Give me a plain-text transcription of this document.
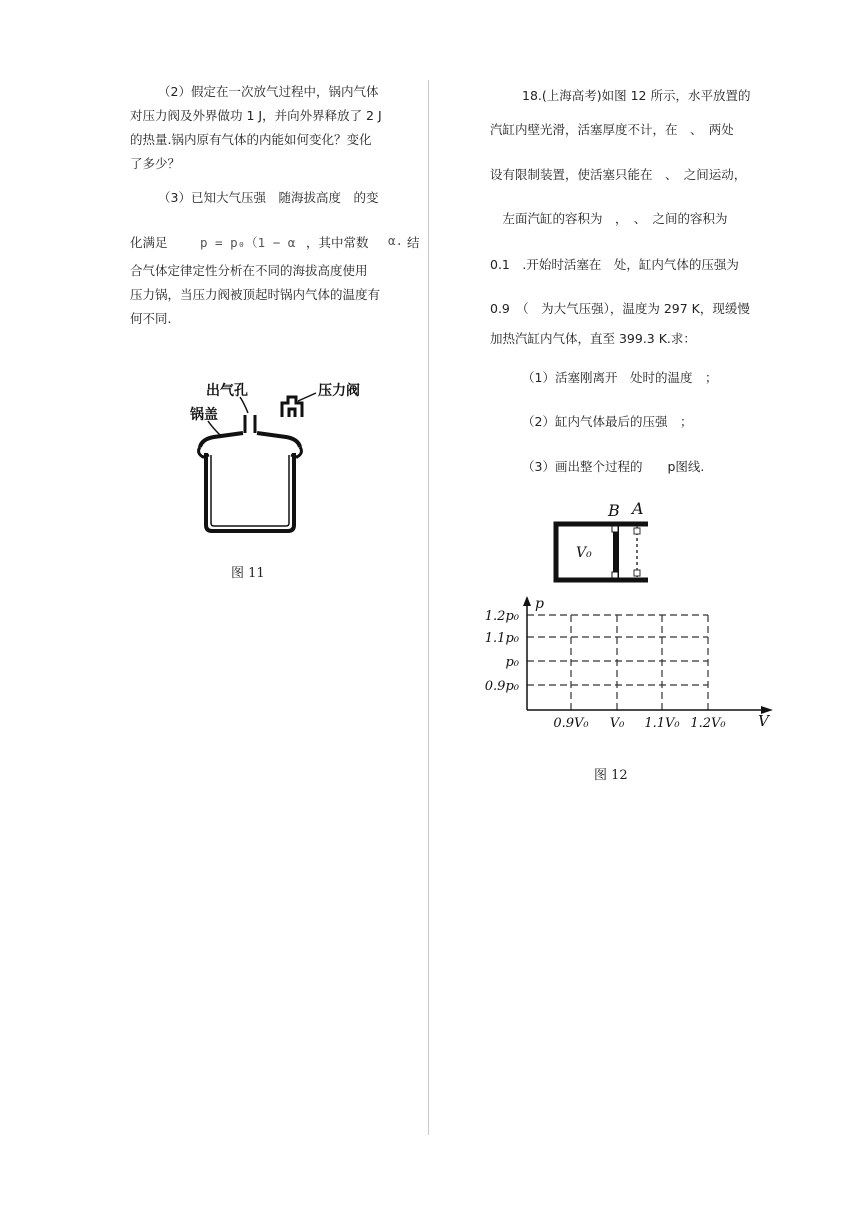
（2）假定在一次放气过程中，锅内气体
对压力阀及外界做功 1 J，并向外界释放了 2 J
的热量.锅内原有气体的内能如何变化？变化
了多少？

（3）已知大气压强　随海拔高度　的变
化满足	p = p₀（1 − α ，其中常数 α. 结

合气体定律定性分析在不同的海拔高度使用
压力锅，当压力阀被顶起时锅内气体的温度有
何不同.

出气孔	压力阀
锅盖
图 11
18.(上海高考)如图 12 所示，水平放置的
汽缸内壁光滑，活塞厚度不计，在　、　两处
设有限制装置，使活塞只能在　、　之间运动，
　左面汽缸的容积为　，　、　之间的容积为
0.1　.开始时活塞在　处，缸内气体的压强为
0.9　（　为大气压强），温度为 297 K，现缓慢
加热汽缸内气体，直至 399.3 K.求：
（1）活塞刚离开　处时的温度　；
（2）缸内气体最后的压强　；
（3）画出整个过程的　　p图线.
B A
V₀
p
V
0.9p₀
p₀
1.1p₀
1.2p₀
0.9V₀ V₀ 1.1V₀ 1.2V₀
图 12
